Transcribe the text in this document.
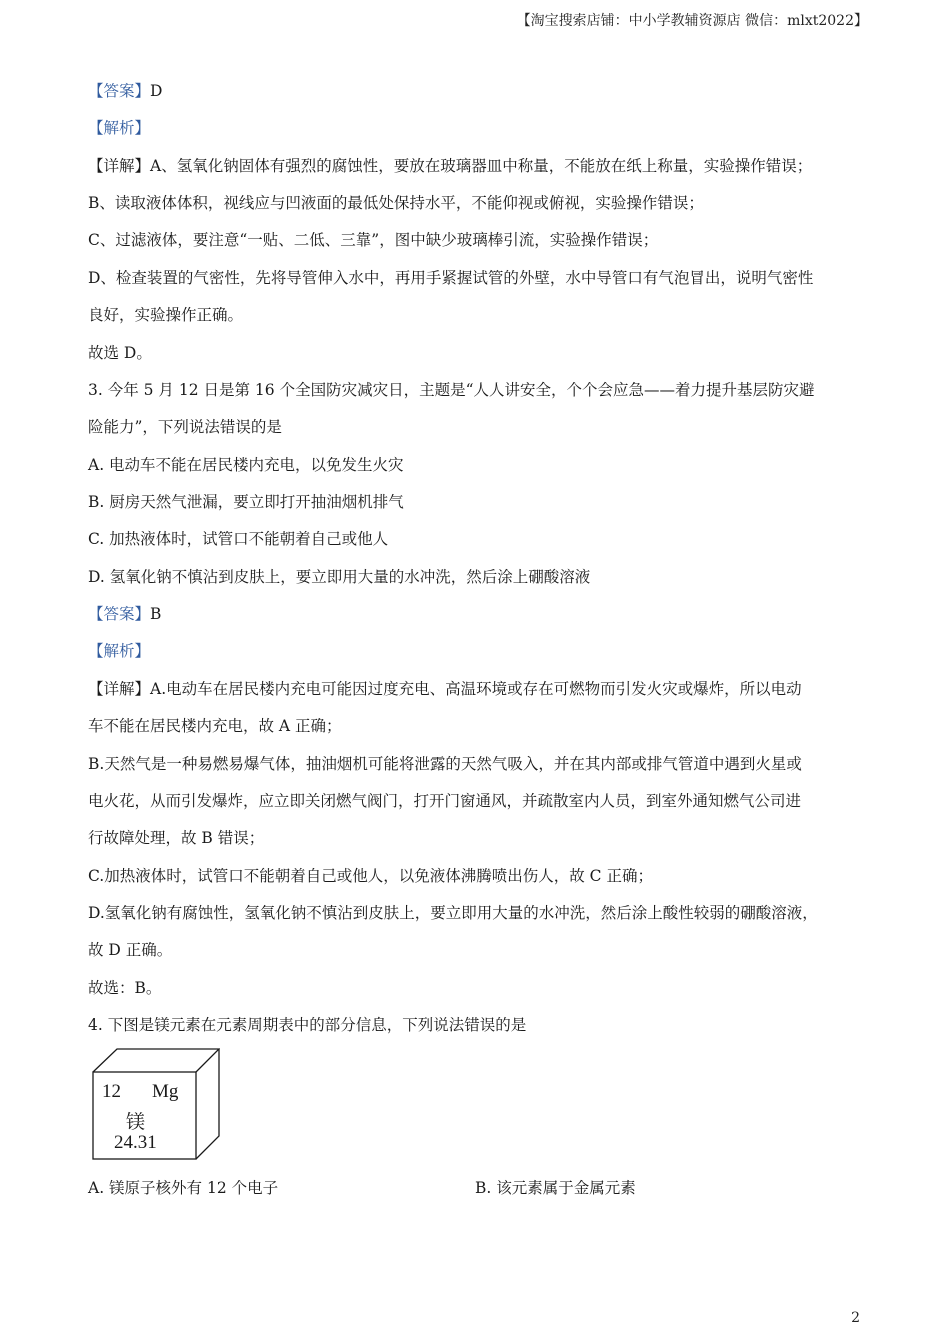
【淘宝搜索店铺：中小学教辅资源店 微信：mlxt2022】
【答案】D
【解析】
【详解】A、氢氧化钠固体有强烈的腐蚀性，要放在玻璃器皿中称量，不能放在纸上称量，实验操作错误；
B、读取液体体积，视线应与凹液面的最低处保持水平，不能仰视或俯视，实验操作错误；
C、过滤液体，要注意“一贴、二低、三靠”，图中缺少玻璃棒引流，实验操作错误；
D、检查装置的气密性，先将导管伸入水中，再用手紧握试管的外壁，水中导管口有气泡冒出，说明气密性
良好，实验操作正确。
故选 D。
3. 今年 5 月 12 日是第 16 个全国防灾减灾日，主题是“人人讲安全，个个会应急——着力提升基层防灾避
险能力”，下列说法错误的是
A. 电动车不能在居民楼内充电，以免发生火灾
B. 厨房天然气泄漏，要立即打开抽油烟机排气
C. 加热液体时，试管口不能朝着自己或他人
D. 氢氧化钠不慎沾到皮肤上，要立即用大量的水冲洗，然后涂上硼酸溶液
【答案】B
【解析】
【详解】A.电动车在居民楼内充电可能因过度充电、高温环境或存在可燃物而引发火灾或爆炸，所以电动
车不能在居民楼内充电，故 A 正确；
B.天然气是一种易燃易爆气体，抽油烟机可能将泄露的天然气吸入，并在其内部或排气管道中遇到火星或
电火花，从而引发爆炸，应立即关闭燃气阀门，打开门窗通风，并疏散室内人员，到室外通知燃气公司进
行故障处理，故 B 错误；
C.加热液体时，试管口不能朝着自己或他人，以免液体沸腾喷出伤人，故 C 正确；
D.氢氧化钠有腐蚀性，氢氧化钠不慎沾到皮肤上，要立即用大量的水冲洗，然后涂上酸性较弱的硼酸溶液，
故 D 正确。
故选：B。
4. 下图是镁元素在元素周期表中的部分信息，下列说法错误的是
12 Mg
镁
24.31
A. 镁原子核外有 12 个电子	B. 该元素属于金属元素
2
